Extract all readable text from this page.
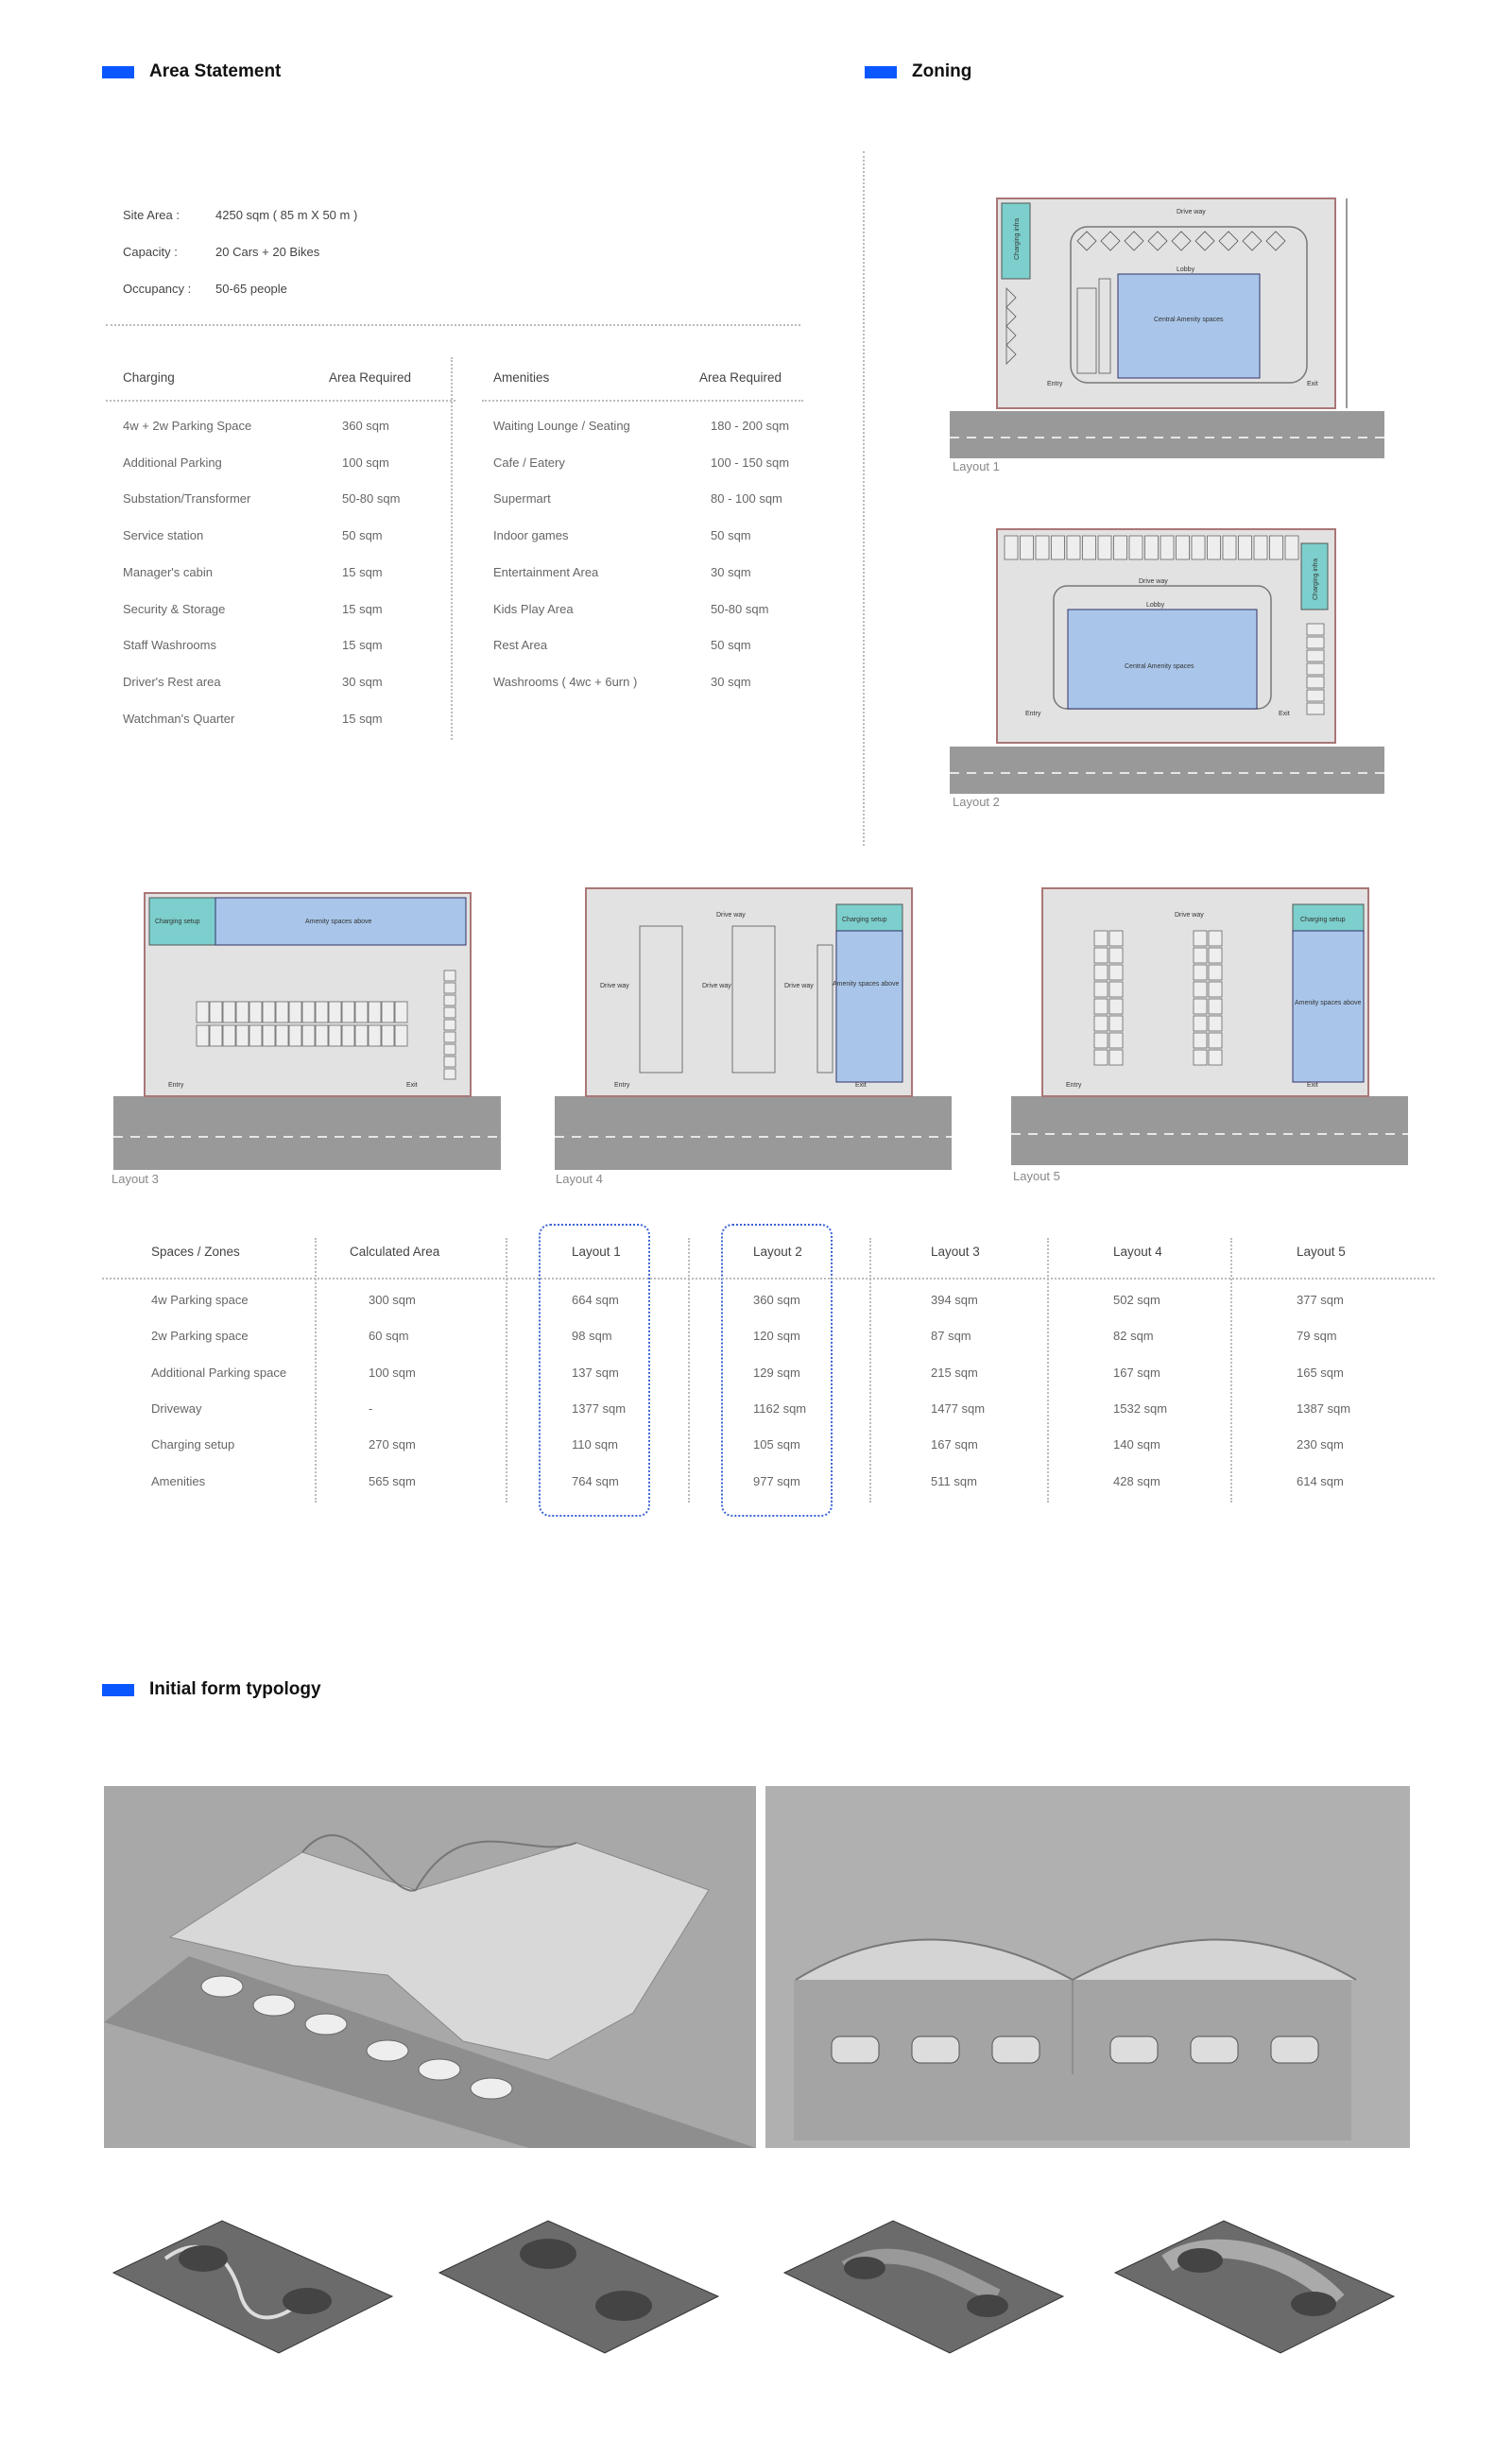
Area Statement	Zoning
Initial form typology
Site Area :	4250 sqm ( 85 m X 50 m )
Capacity :	20 Cars + 20 Bikes
Occupancy : 50-65 people
Charging	Area Required
4w + 2w Parking Space	360 sqm
Additional Parking	100 sqm
Substation/Transformer	50-80 sqm
Service station	50 sqm
Manager's cabin	15 sqm
Security & Storage	15 sqm
Staff Washrooms	15 sqm
Driver's Rest area	30 sqm
Watchman's Quarter	15 sqm
Amenities	Area Required
Waiting Lounge / Seating	180 - 200 sqm
Cafe / Eatery	100 - 150 sqm
Supermart	80 - 100 sqm
Indoor games	50 sqm
Entertainment Area	30 sqm
Kids Play Area	50-80 sqm
Rest Area	50 sqm
Washrooms ( 4wc + 6urn )	30 sqm
Charging infra
Central Amenity spaces
Drive way
Lobby
Entry	Exit
Layout 1
Charging infra
Central Amenity spaces
Drive way
Lobby
Entry	Exit
Layout 2
Charging setup	Amenity spaces above
Entry	Exit
Layout 3
Charging setup
Amenity spaces above
Drive way	Drive way	Drive way
Drive way
Entry	Exit
Layout 4
Charging setup
Amenity spaces above
Drive way
Entry	Exit
Layout 5
Spaces / Zones	Calculated Area	Layout 1	Layout 2	Layout 3	Layout 4	Layout 5
4w Parking space	300 sqm	664 sqm	360 sqm	394 sqm	502 sqm	377 sqm
2w Parking space	60 sqm	98 sqm	120 sqm	87 sqm	82 sqm	79 sqm
Additional Parking space	100 sqm	137 sqm	129 sqm	215 sqm	167 sqm	165 sqm
Driveway	-	1377 sqm	1162 sqm	1477 sqm	1532 sqm	1387 sqm
Charging setup	270 sqm	110 sqm	105 sqm	167 sqm	140 sqm	230 sqm
Amenities	565 sqm	764 sqm	977 sqm	511 sqm	428 sqm	614 sqm
